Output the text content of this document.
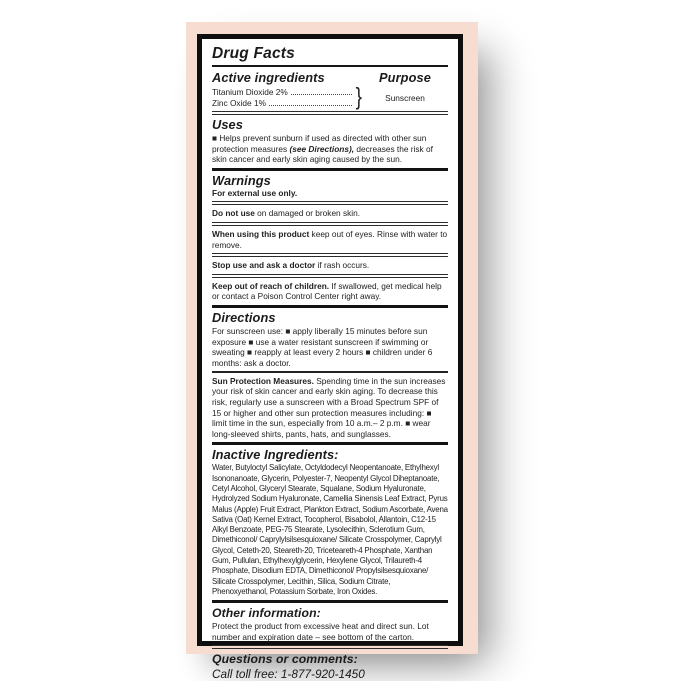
Drug Facts
Active ingredients	Purpose
Titanium Dioxide 2%
Zinc Oxide 1%	}	Sunscreen
Uses
■ Helps prevent sunburn if used as directed with other sun protection measures (see Directions), decreases the risk of skin cancer and early skin aging caused by the sun.
Warnings
For external use only.
Do not use on damaged or broken skin.
When using this product keep out of eyes. Rinse with water to remove.
Stop use and ask a doctor if rash occurs.
Keep out of reach of children. If swallowed, get medical help or contact a Poison Control Center right away.
Directions
For sunscreen use: ■ apply liberally 15 minutes before sun exposure ■ use a water resistant sunscreen if swimming or sweating ■ reapply at least every 2 hours ■ children under 6 months: ask a doctor.
Sun Protection Measures. Spending time in the sun increases your risk of skin cancer and early skin aging. To decrease this risk, regularly use a sunscreen with a Broad Spectrum SPF of 15 or higher and other sun protection measures including: ■ limit time in the sun, especially from 10 a.m.– 2 p.m. ■ wear long-sleeved shirts, pants, hats, and sunglasses.
Inactive Ingredients:
Water, Butyloctyl Salicylate, Octyldodecyl Neopentanoate, Ethylhexyl Isononanoate, Glycerin, Polyester-7, Neopentyl Glycol Diheptanoate, Cetyl Alcohol, Glyceryl Stearate, Squalane, Sodium Hyaluronate, Hydrolyzed Sodium Hyaluronate, Camellia Sinensis Leaf Extract, Pyrus Malus (Apple) Fruit Extract, Plankton Extract, Sodium Ascorbate, Avena Sativa (Oat) Kernel Extract, Tocopherol, Bisabolol, Allantoin, C12-15 Alkyl Benzoate, PEG-75 Stearate, Lysolecithin, Sclerotium Gum, Dimethiconol/ Caprylylsilsesquioxane/ Silicate Crosspolymer, Caprylyl Glycol, Ceteth-20, Steareth-20, Triceteareth-4 Phosphate, Xanthan Gum, Pullulan, Ethylhexylglycerin, Hexylene Glycol, Trilaureth-4 Phosphate, Disodium EDTA, Dimethiconol/ Propylsilsesquioxane/ Silicate Crosspolymer, Lecithin, Silica, Sodium Citrate, Phenoxyethanol, Potassium Sorbate, Iron Oxides.
Other information:
Protect the product from excessive heat and direct sun. Lot number and expiration date – see bottom of the carton.
Questions or comments:
Call toll free: 1-877-920-1450
